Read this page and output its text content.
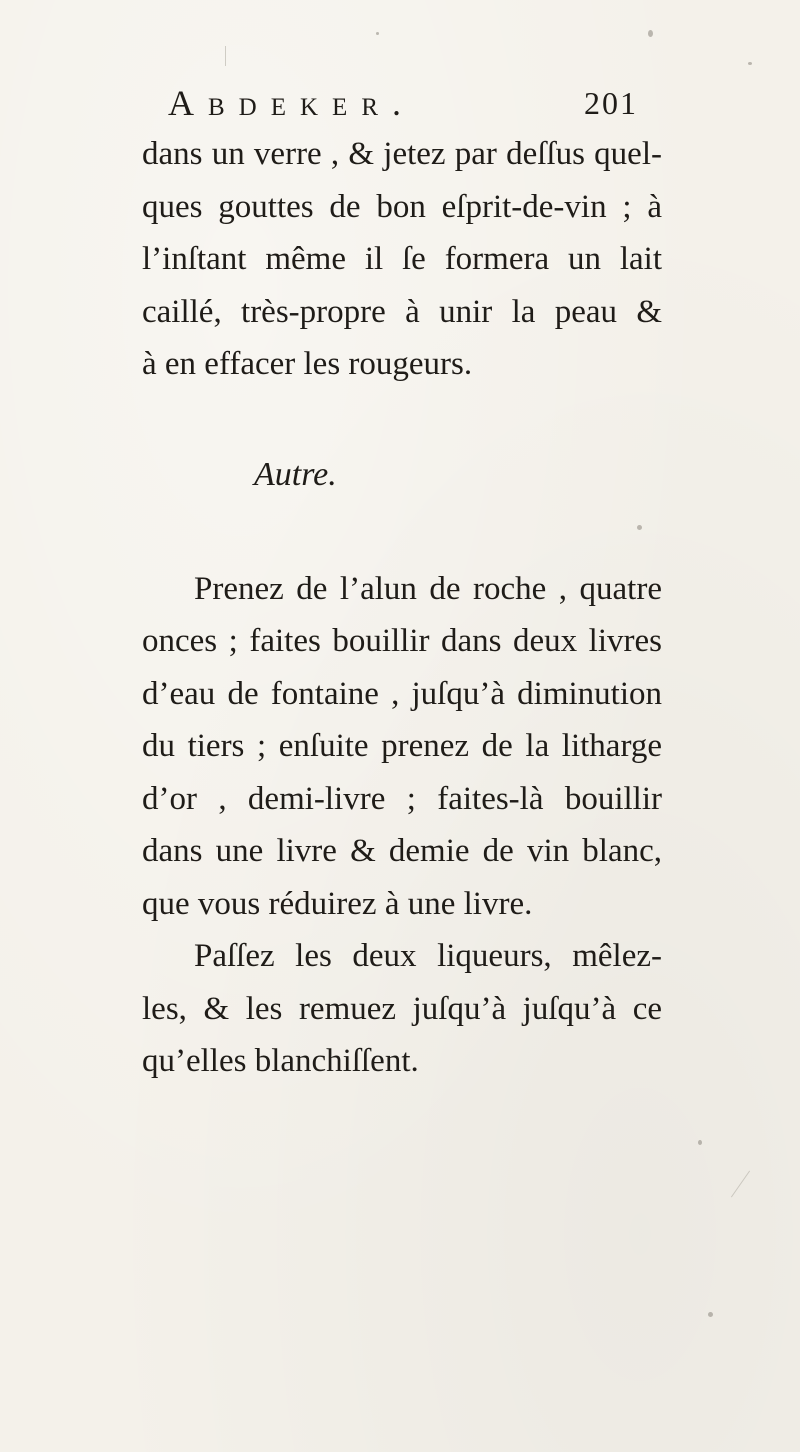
Abdeker.	201
dans un verre , & jetez par deſſus quel-
ques gouttes de bon eſprit-de-vin ; à
l’inſtant même il ſe formera un lait
caillé, très-propre à unir la peau &
à en effacer les rougeurs.
Autre.
Prenez de l’alun de roche , quatre
onces ; faites bouillir dans deux livres
d’eau de fontaine , juſqu’à diminution
du tiers ; enſuite prenez de la litharge
d’or , demi-livre ; faites-là bouillir
dans une livre & demie de vin blanc,
que vous réduirez à une livre.
Paſſez les deux liqueurs, mêlez-
les, & les remuez juſqu’à juſqu’à ce
qu’elles blanchiſſent.
